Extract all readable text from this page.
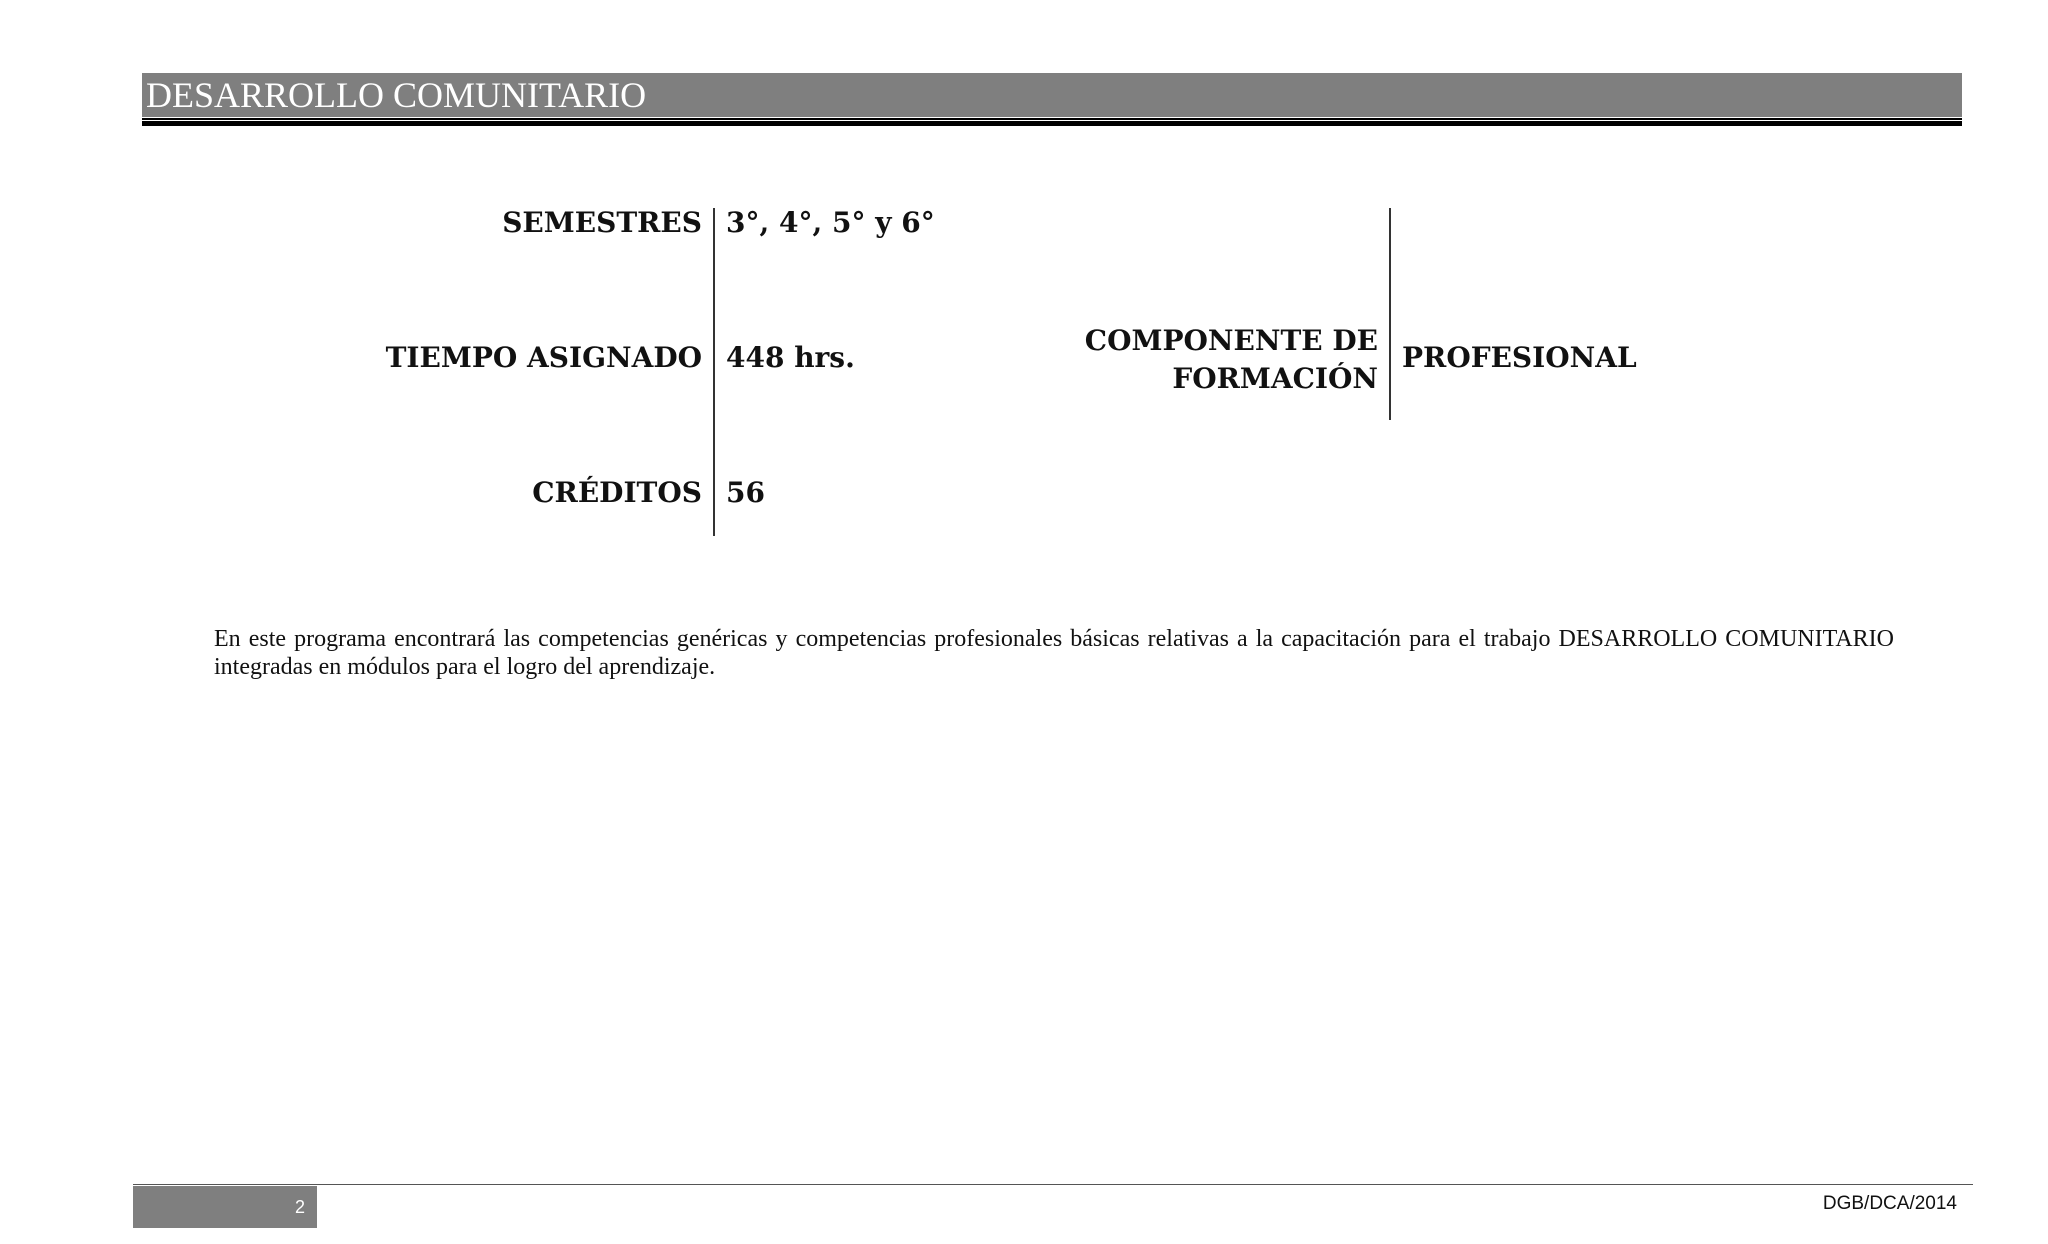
DESARROLLO COMUNITARIO
SEMESTRES 3°, 4°, 5° y 6°
TIEMPO ASIGNADO 448 hrs.
CRÉDITOS 56
COMPONENTE DE
FORMACIÓN
PROFESIONAL

En este programa encontrará las competencias genéricas y competencias profesionales básicas relativas a la capacitación para el trabajo DESARROLLO COMUNITARIO integradas en módulos para el logro del aprendizaje.

2	DGB/DCA/2014
